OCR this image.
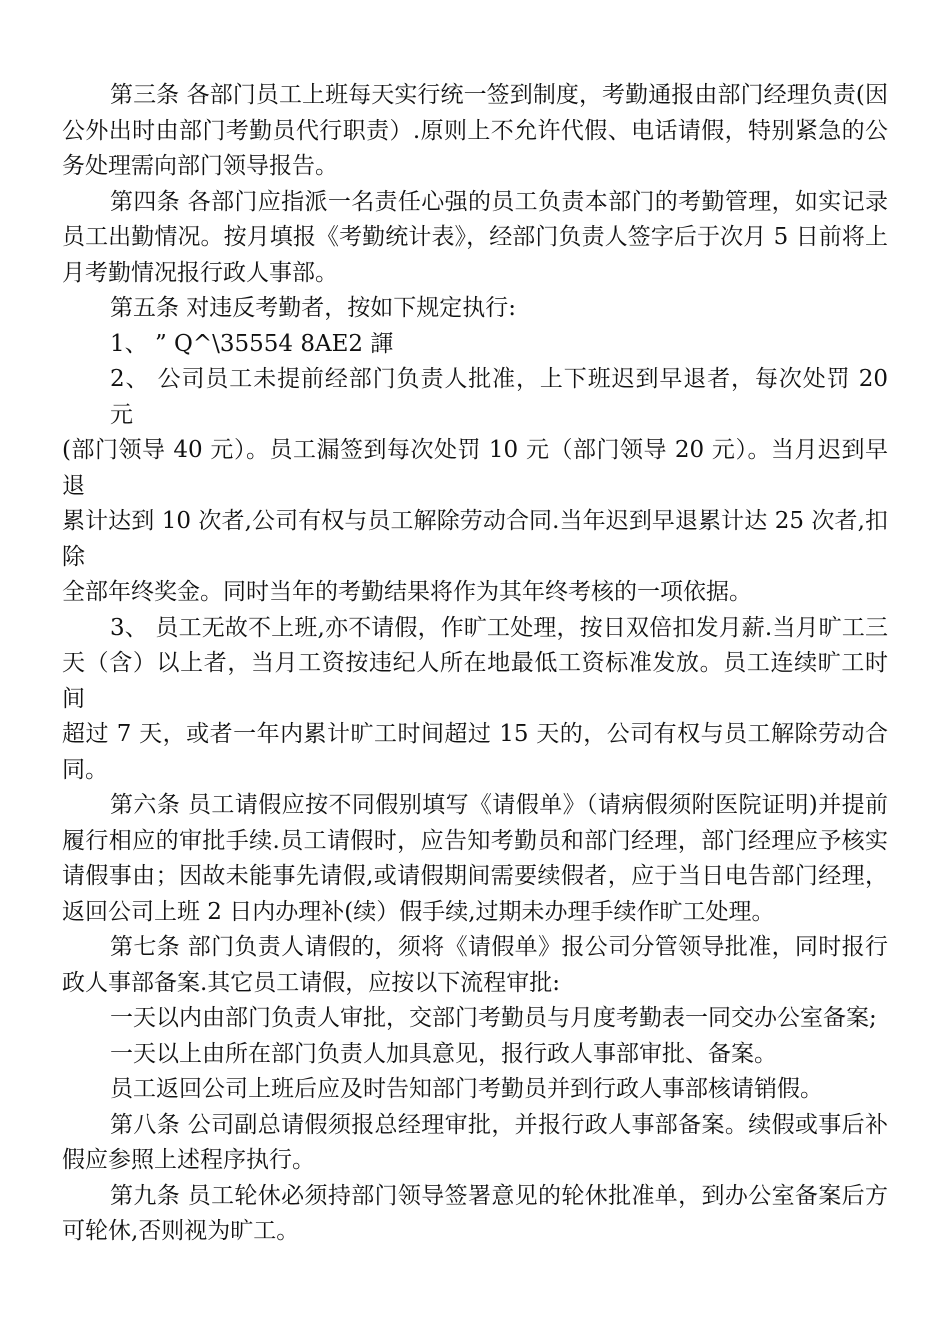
第三条 各部门员工上班每天实行统一签到制度，考勤通报由部门经理负责(因
公外出时由部门考勤员代行职责）.原则上不允许代假、电话请假，特别紧急的公
务处理需向部门领导报告。
第四条 各部门应指派一名责任心强的员工负责本部门的考勤管理，如实记录
员工出勤情况。按月填报《考勤统计表》，经部门负责人签字后于次月 5 日前将上
月考勤情况报行政人事部。
第五条 对违反考勤者，按如下规定执行:
1、 ” Q^\35554 8AE2 諢
2、 公司员工未提前经部门负责人批准，上下班迟到早退者，每次处罚 20 元
(部门领导 40 元）。员工漏签到每次处罚 10 元（部门领导 20 元）。当月迟到早退
累计达到 10 次者,公司有权与员工解除劳动合同.当年迟到早退累计达 25 次者,扣除
全部年终奖金。同时当年的考勤结果将作为其年终考核的一项依据。
3、 员工无故不上班,亦不请假，作旷工处理，按日双倍扣发月薪.当月旷工三
天（含）以上者，当月工资按违纪人所在地最低工资标准发放。员工连续旷工时间
超过 7 天，或者一年内累计旷工时间超过 15 天的，公司有权与员工解除劳动合同。
第六条 员工请假应按不同假别填写《请假单》（请病假须附医院证明)并提前
履行相应的审批手续.员工请假时，应告知考勤员和部门经理，部门经理应予核实
请假事由；因故未能事先请假,或请假期间需要续假者，应于当日电告部门经理，
返回公司上班 2 日内办理补(续）假手续,过期未办理手续作旷工处理。
第七条 部门负责人请假的，须将《请假单》报公司分管领导批准，同时报行
政人事部备案.其它员工请假，应按以下流程审批:
一天以内由部门负责人审批，交部门考勤员与月度考勤表一同交办公室备案;
一天以上由所在部门负责人加具意见，报行政人事部审批、备案。
员工返回公司上班后应及时告知部门考勤员并到行政人事部核请销假。
第八条 公司副总请假须报总经理审批，并报行政人事部备案。续假或事后补
假应参照上述程序执行。
第九条 员工轮休必须持部门领导签署意见的轮休批准单，到办公室备案后方
可轮休,否则视为旷工。
